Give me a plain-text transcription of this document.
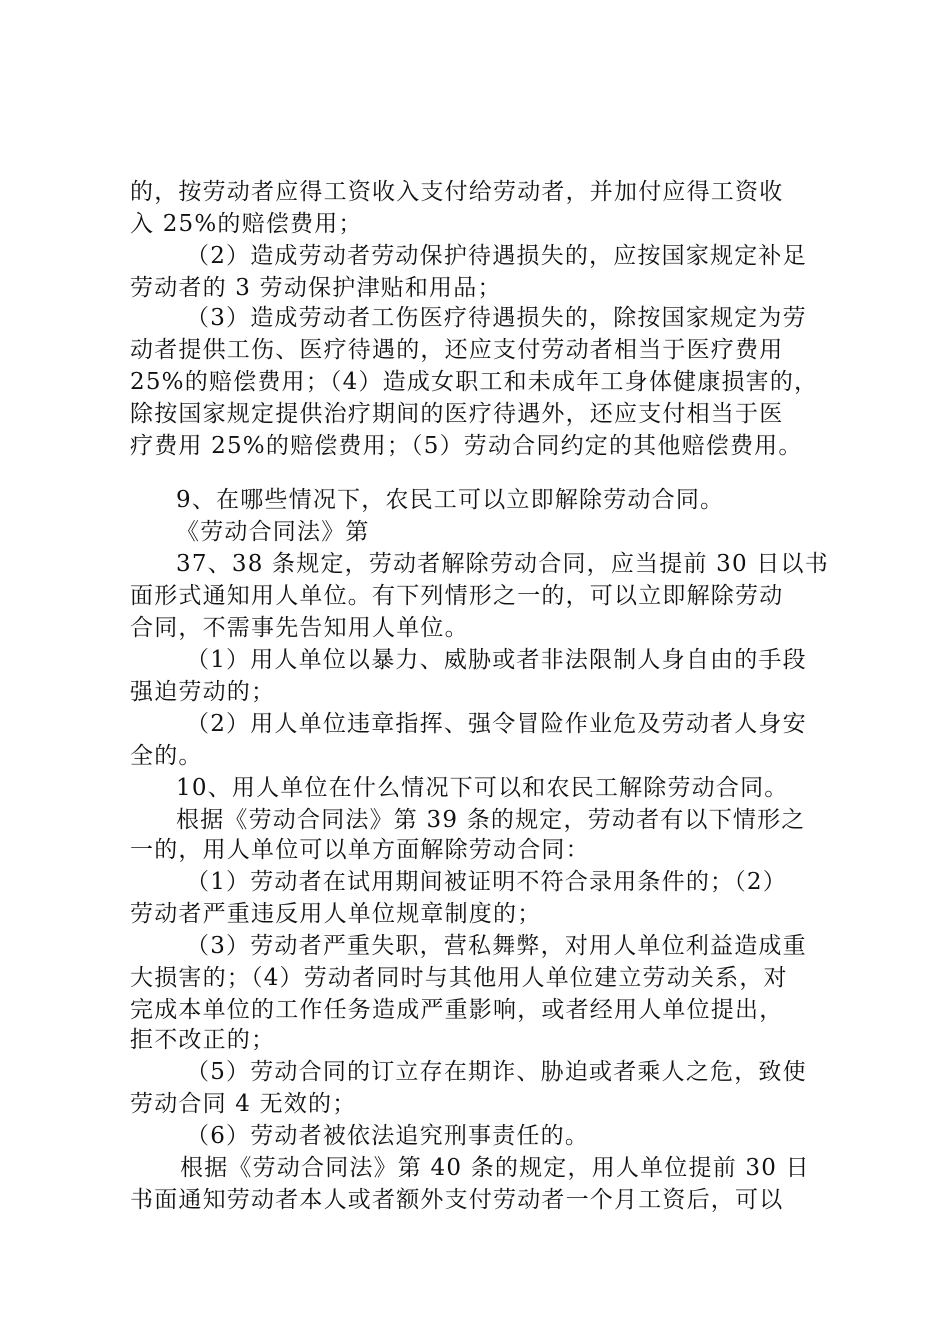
的，按劳动者应得工资收入支付给劳动者，并加付应得工资收

入 25%的赔偿费用；

（2）造成劳动者劳动保护待遇损失的，应按国家规定补足

劳动者的 3 劳动保护津贴和用品；

（3）造成劳动者工伤医疗待遇损失的，除按国家规定为劳

动者提供工伤、医疗待遇的，还应支付劳动者相当于医疗费用

25%的赔偿费用；（4）造成女职工和未成年工身体健康损害的，

除按国家规定提供治疗期间的医疗待遇外，还应支付相当于医

疗费用 25%的赔偿费用；（5）劳动合同约定的其他赔偿费用。

9、在哪些情况下，农民工可以立即解除劳动合同。

《劳动合同法》第

37、38 条规定，劳动者解除劳动合同，应当提前 30 日以书

面形式通知用人单位。有下列情形之一的，可以立即解除劳动

合同，不需事先告知用人单位。

（1）用人单位以暴力、威胁或者非法限制人身自由的手段

强迫劳动的；

（2）用人单位违章指挥、强令冒险作业危及劳动者人身安

全的。

10、用人单位在什么情况下可以和农民工解除劳动合同。

根据《劳动合同法》第 39 条的规定，劳动者有以下情形之

一的，用人单位可以单方面解除劳动合同：

（1）劳动者在试用期间被证明不符合录用条件的；（2）

劳动者严重违反用人单位规章制度的；

（3）劳动者严重失职，营私舞弊，对用人单位利益造成重

大损害的；（4）劳动者同时与其他用人单位建立劳动关系，对

完成本单位的工作任务造成严重影响，或者经用人单位提出，

拒不改正的；

（5）劳动合同的订立存在期诈、胁迫或者乘人之危，致使

劳动合同 4 无效的；

（6）劳动者被依法追究刑事责任的。

根据《劳动合同法》第 40 条的规定，用人单位提前 30 日

书面通知劳动者本人或者额外支付劳动者一个月工资后，可以
